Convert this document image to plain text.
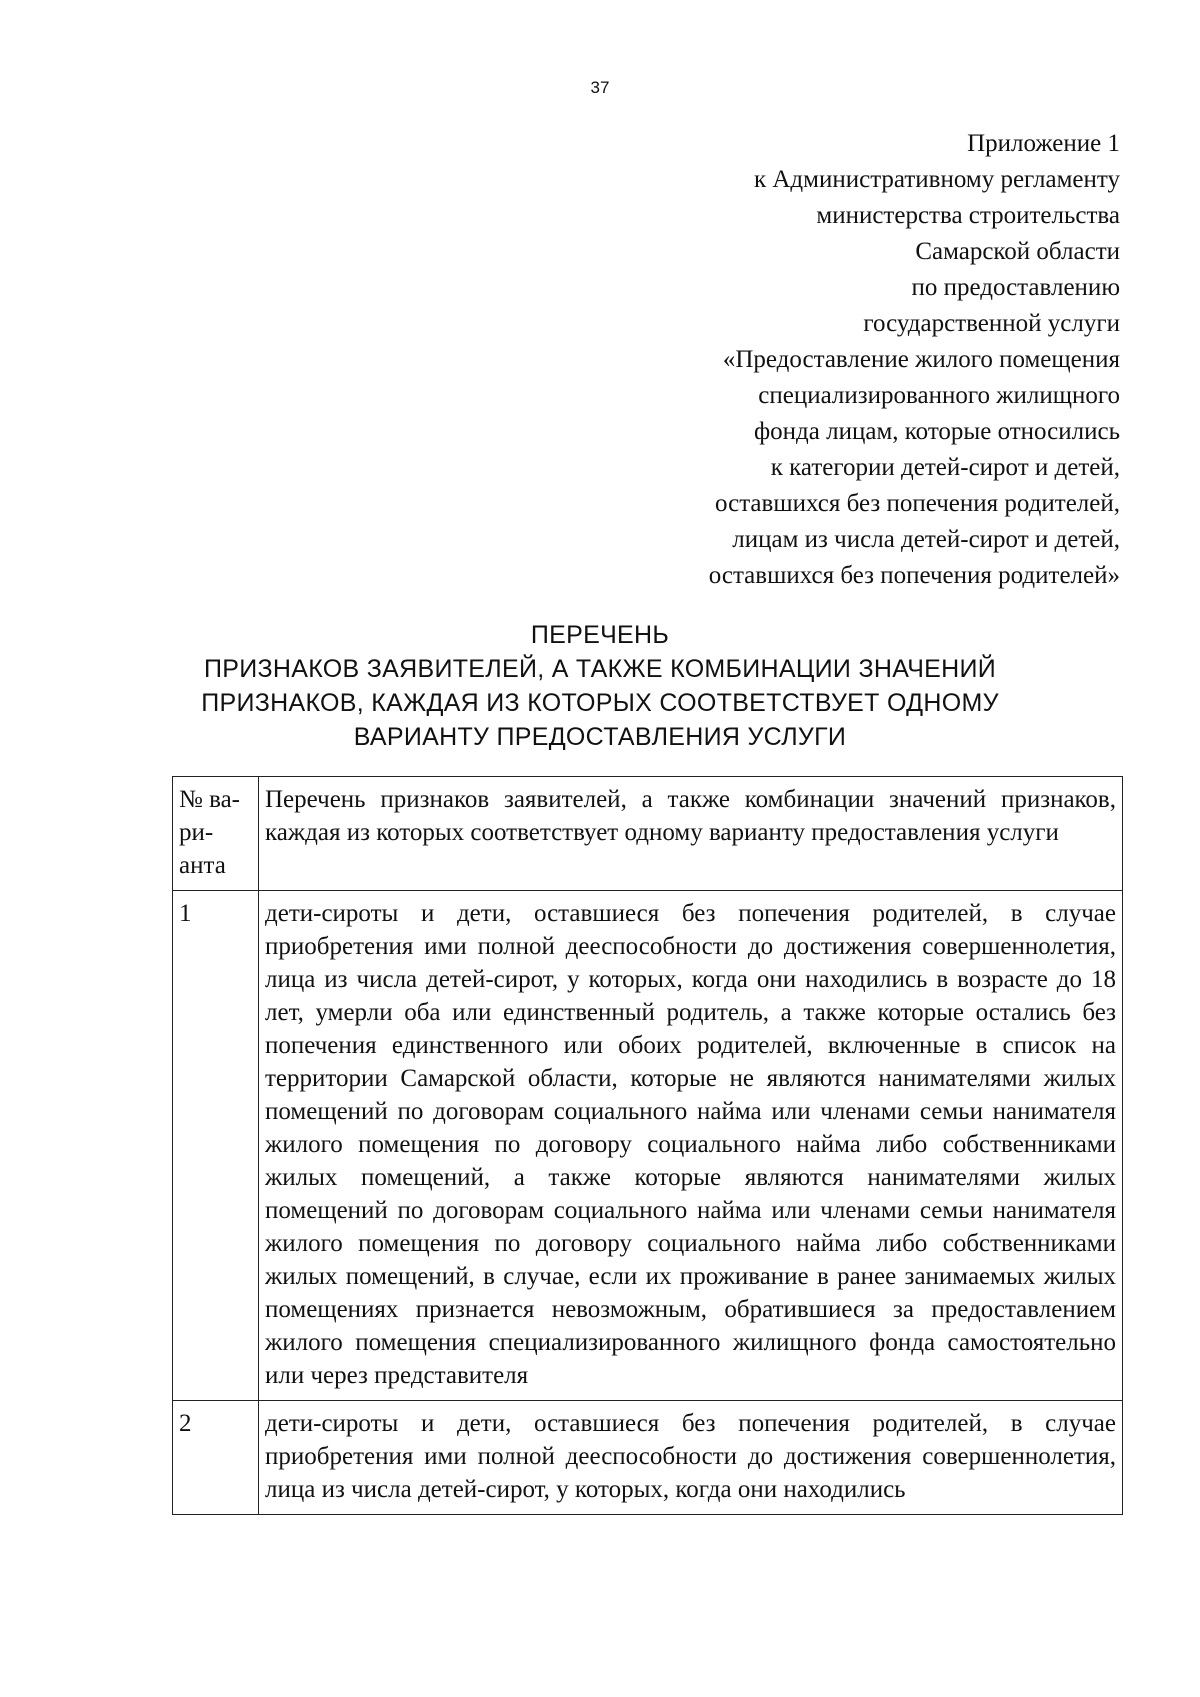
37
Приложение 1
к Административному регламенту
министерства строительства
Самарской области
по предоставлению
государственной услуги
«Предоставление жилого помещения
специализированного жилищного
фонда лицам, которые относились
к категории детей-сирот и детей,
оставшихся без попечения родителей,
лицам из числа детей-сирот и детей,
оставшихся без попечения родителей»
ПЕРЕЧЕНЬ
ПРИЗНАКОВ ЗАЯВИТЕЛЕЙ, А ТАКЖЕ КОМБИНАЦИИ ЗНАЧЕНИЙ
ПРИЗНАКОВ, КАЖДАЯ ИЗ КОТОРЫХ СООТВЕТСТВУЕТ ОДНОМУ
ВАРИАНТУ ПРЕДОСТАВЛЕНИЯ УСЛУГИ
№ ва-ри-анта	Перечень признаков заявителей, а также комбинации значений признаков, каждая из которых соответствует одному варианту предоставления услуги
1	дети-сироты и дети, оставшиеся без попечения родителей, в случае приобретения ими полной дееспособности до достижения совершеннолетия, лица из числа детей-сирот, у которых, когда они находились в возрасте до 18 лет, умерли оба или единственный родитель, а также которые остались без попечения единственного или обоих родителей, включенные в список на территории Самарской области, которые не являются нанимателями жилых помещений по договорам социального найма или членами семьи нанимателя жилого помещения по договору социального найма либо собственниками жилых помещений, а также которые являются нанимателями жилых помещений по договорам социального найма или членами семьи нанимателя жилого помещения по договору социального найма либо собственниками жилых помещений, в случае, если их проживание в ранее занимаемых жилых помещениях признается невозможным, обратившиеся за предоставлением жилого помещения специализированного жилищного фонда самостоятельно или через представителя
2	дети-сироты и дети, оставшиеся без попечения родителей, в случае приобретения ими полной дееспособности до достижения совершеннолетия, лица из числа детей-сирот, у которых, когда они находились
